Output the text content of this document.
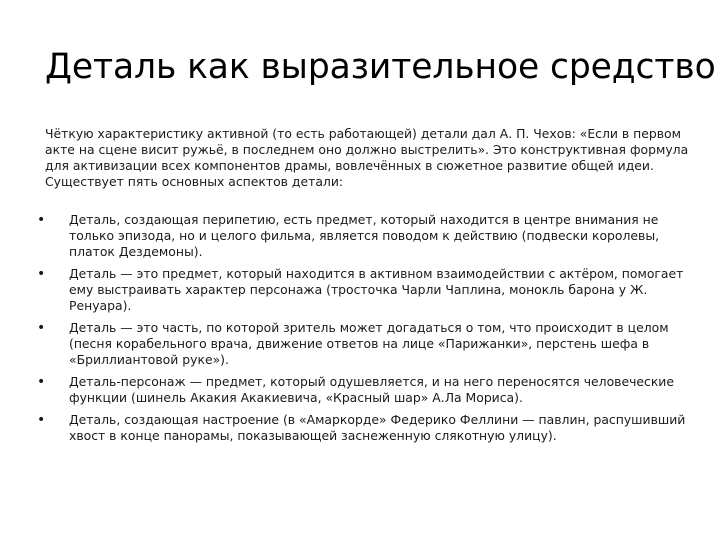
Деталь как выразительное средство

Чёткую характеристику активной (то есть работающей) детали дал А. П. Чехов: «Если в первом акте на сцене висит ружьё, в последнем оно должно выстрелить». Это конструктивная формула для активизации всех компонентов драмы, вовлечённых в сюжетное развитие общей идеи.

Существует пять основных аспектов детали:

• Деталь, создающая перипетию, есть предмет, который находится в центре внимания не только эпизода, но и целого фильма, является поводом к действию (подвески королевы, платок Дездемоны).
• Деталь — это предмет, который находится в активном взаимодействии с актёром, помогает ему выстраивать характер персонажа (тросточка Чарли Чаплина, монокль барона у Ж. Ренуара).
• Деталь — это часть, по которой зритель может догадаться о том, что происходит в целом (песня корабельного врача, движение ответов на лице «Парижанки», перстень шефа в «Бриллиантовой руке»).
• Деталь-персонаж — предмет, который одушевляется, и на него переносятся человеческие функции (шинель Акакия Акакиевича, «Красный шар» А.Ла Мориса).
• Деталь, создающая настроение (в «Амаркорде» Федерико Феллини — павлин, распушивший хвост в конце панорамы, показывающей заснеженную слякотную улицу).
